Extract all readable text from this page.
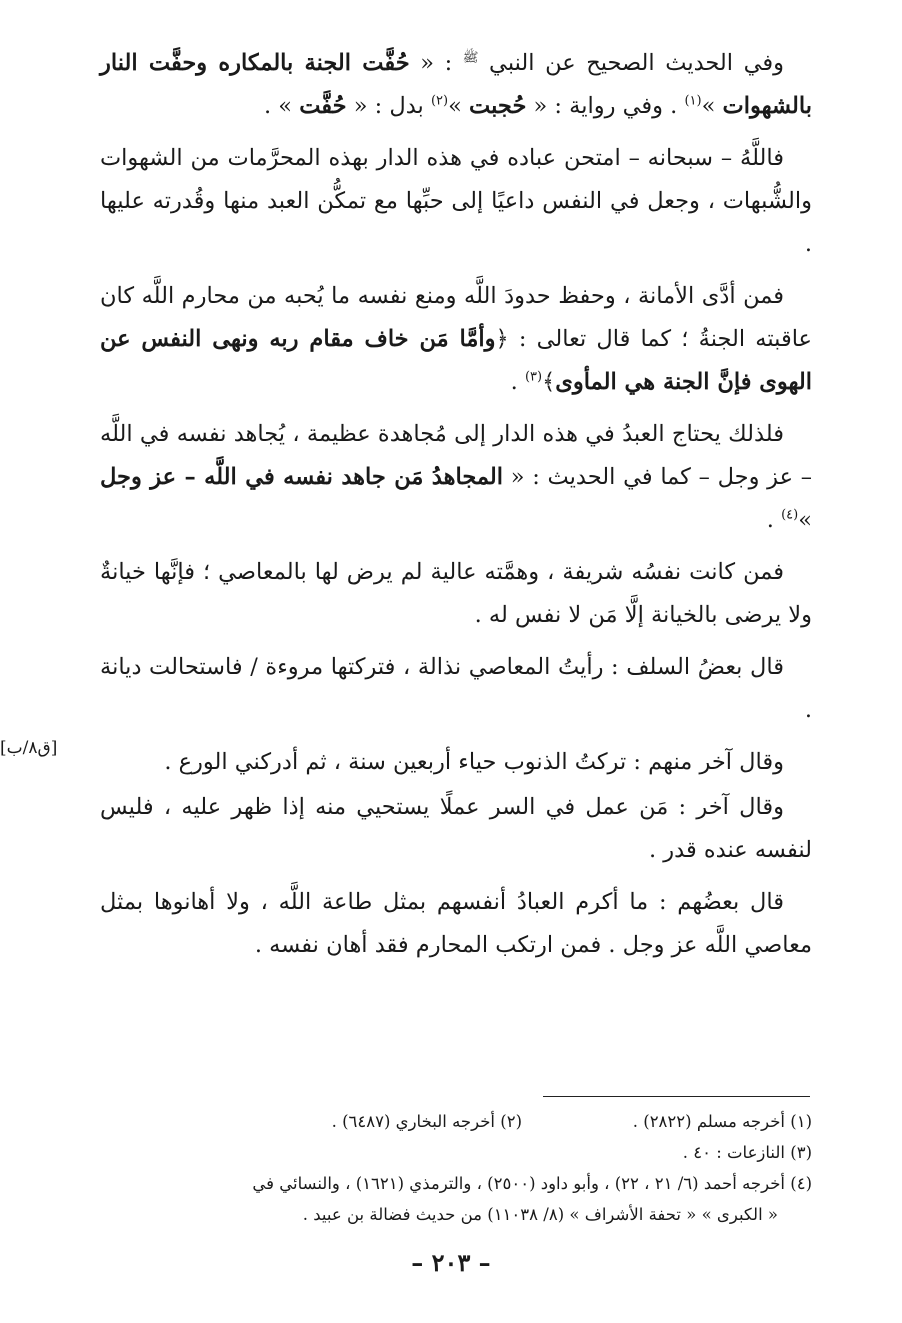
وفي الحديث الصحيح عن النبي $^ﷺ$ : « حُفَّت الجنة بالمكاره وحفَّت النار بالشهوات »$^{(١)}$ . وفي رواية : « حُجبت »$^{(٢)}$ بدل : « حُفَّت » .

فاللَّهُ – سبحانه – امتحن عباده في هذه الدار بهذه المحرَّمات من الشهوات والشُّبهات ، وجعل في النفس داعيًا إلى حبِّها مع تمكُّن العبد منها وقُدرته عليها .

فمن أدَّى الأمانة ، وحفظ حدودَ اللَّه ومنع نفسه ما يُحبه من محارم اللَّه كان عاقبته الجنةُ ؛ كما قال تعالى : ﴿وأمَّا مَن خاف مقام ربه ونهى النفس عن الهوى فإنَّ الجنة هي المأوى﴾$^{(٣)}$ .

فلذلك يحتاج العبدُ في هذه الدار إلى مُجاهدة عظيمة ، يُجاهد نفسه في اللَّه – عز وجل – كما في الحديث : « المجاهدُ مَن جاهد نفسه في اللَّه – عز وجل »$^{(٤)}$ .

فمن كانت نفسُه شريفة ، وهمَّته عالية لم يرض لها بالمعاصي ؛ فإنَّها خيانةٌ ولا يرضى بالخيانة إلَّا مَن لا نفس له .

قال بعضُ السلف : رأيتُ المعاصي نذالة ، فتركتها مروءة / فاستحالت ديانة .

وقال آخر منهم : تركتُ الذنوب حياء أربعين سنة ، ثم أدركني الورع .

وقال آخر : مَن عمل في السر عملًا يستحيي منه إذا ظهر عليه ، فليس لنفسه عنده قدر .

قال بعضُهم : ما أكرم العبادُ أنفسهم بمثل طاعة اللَّه ، ولا أهانوها بمثل معاصي اللَّه عز وجل . فمن ارتكب المحارم فقد أهان نفسه .

[ق٨/ب]
(١) أخرجه مسلم (٢٨٢٢) .
(٢) أخرجه البخاري (٦٤٨٧) .
(٣) النازعات : ٤٠ .
(٤) أخرجه أحمد (٦/ ٢١ ، ٢٢) ، وأبو داود (٢٥٠٠) ، والترمذي (١٦٢١) ، والنسائي في
« الكبرى » « تحفة الأشراف » (٨/ ١١٠٣٨) من حديث فضالة بن عبيد .
– ٢٠٣ –
